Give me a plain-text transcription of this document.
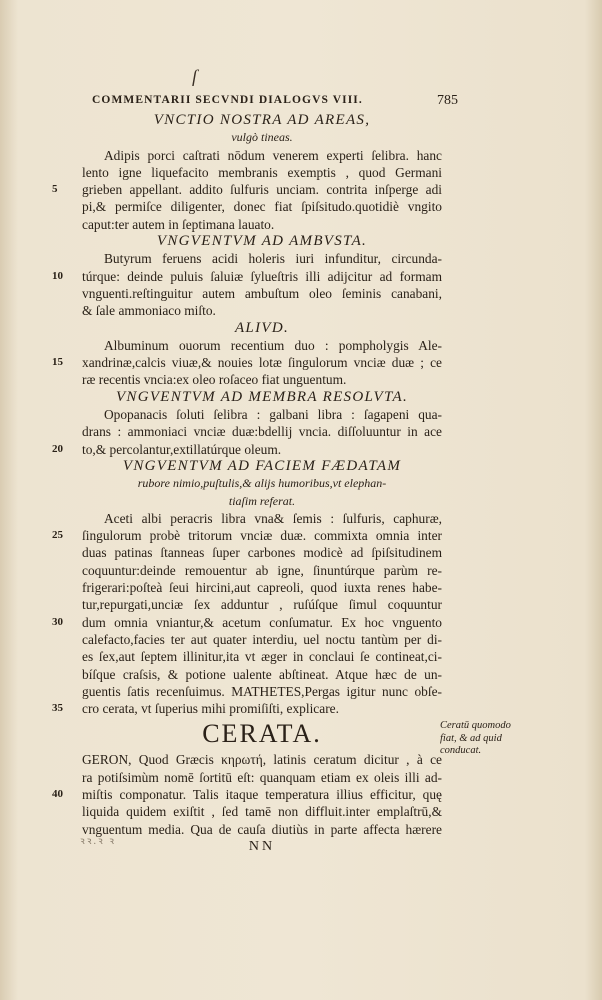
ſ
COMMENTARII SECVNDI DIALOGVS VIII.	785
VNCTIO NOSTRA AD AREAS,
vulgò tineas.
Adipis porci caſtrati nōdum venerem experti ſelibra. hanc
lento igne liquefacito membranis exemptis , quod Germani
5	grieben appellant. addito ſulfuris unciam. contrita inſperge adi
pi,& permiſce diligenter, donec fiat ſpiſsitudo.quotidiè vngito
caput:ter autem in ſeptimana lauato.
VNGVENTVM AD AMBVSTA.
Butyrum feruens acidi holeris iuri infunditur, circunda-
10	túrque: deinde puluis ſaluiæ ſylueſtris illi adijcitur ad formam
vnguenti.reſtinguitur autem ambuſtum oleo ſeminis canabani,
& ſale ammoniaco miſto.
ALIVD.
Albuminum ouorum recentium duo : pompholygis Ale-
15	xandrinæ,calcis viuæ,& nouies lotæ ſingulorum vnciæ duæ ; ce
ræ recentis vncia:ex oleo roſaceo fiat unguentum.
VNGVENTVM AD MEMBRA RESOLVTA.
Opopanacis ſoluti ſelibra : galbani libra : ſagapeni qua-
drans : ammoniaci vnciæ duæ:bdellij vncia. diſſoluuntur in ace
20	to,& percolantur,extillatúrque oleum.
VNGVENTVM AD FACIEM FÆDATAM
rubore nimio,puſtulis,& alijs humoribus,vt elephan-
tiaſim referat.
Aceti albi peracris libra vna& ſemis : ſulfuris, caphuræ,
25	ſingulorum probè tritorum vnciæ duæ. commixta omnia inter
duas patinas ſtanneas ſuper carbones modicè ad ſpiſsitudinem
coquuntur:deinde remouentur ab igne, ſinuntúrque parùm re-
frigerari:poſteà ſeui hircini,aut capreoli, quod iuxta renes habe-
tur,repurgati,unciæ ſex adduntur , ruſúſque ſimul coquuntur
30	dum omnia vniantur,& acetum conſumatur. Ex hoc vnguento
calefacto,facies ter aut quater interdiu, uel noctu tantùm per di-
es ſex,aut ſeptem illinitur,ita vt æger in conclaui ſe contineat,ci-
bíſque craſsis, & potione ualente abſtineat. Atque hæc de un-
guentis ſatis recenſuimus. MATHETES,Pergas igitur nunc obſe-
35	cro cerata, vt ſuperius mihi promiſiſti, explicare.
CERATA.
GERON, Quod Græcis κηρωτή, latinis ceratum dicitur , à ce
ra potiſsimùm nomē ſortitū eſt: quanquam etiam ex oleis illi ad-
40	miſtis componatur. Talis itaque temperatura illius efficitur, quę
liquida quidem exiſtit , ſed tamē non diffluit.inter emplaſtrū,&
vnguentum media. Qua de cauſa diutiùs in parte affecta hærere
NN
Ceratū quomodo
fiat, & ad quid
conducat.
ꝛꝛ.ꝛ ꝛ
